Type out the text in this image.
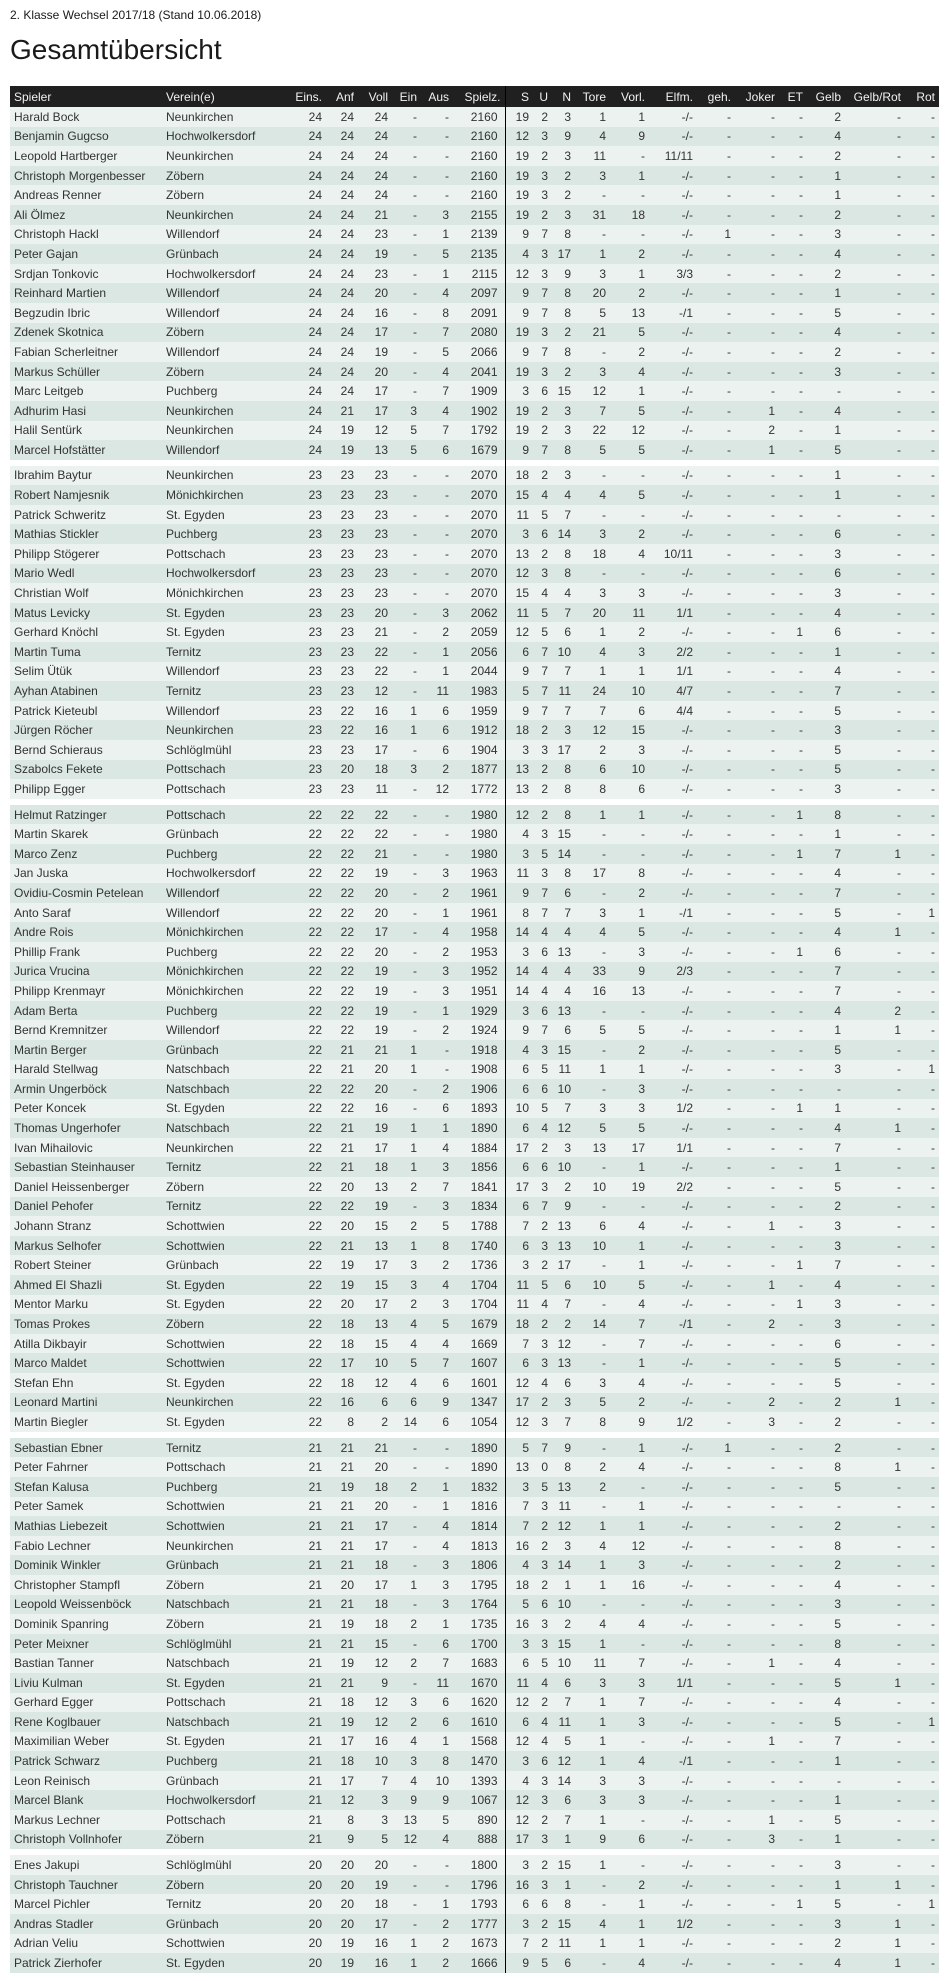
2. Klasse Wechsel 2017/18 (Stand 10.06.2018)
Gesamtübersicht
Spieler	Verein(e)	Eins.	Anf	Voll	Ein	Aus	Spielz.	S	U	N	Tore	Vorl.	Elfm.	geh.	Joker	ET	Gelb	Gelb/Rot	Rot
Harald Bock	Neunkirchen	24	24	24	-	-	2160	19	2	3	1	1	-/-	-	-	-	2	-	-
Benjamin Gugcso	Hochwolkersdorf	24	24	24	-	-	2160	12	3	9	4	9	-/-	-	-	-	4	-	-
Leopold Hartberger	Neunkirchen	24	24	24	-	-	2160	19	2	3	11	-	11/11	-	-	-	2	-	-
Christoph Morgenbesser	Zöbern	24	24	24	-	-	2160	19	3	2	3	1	-/-	-	-	-	1	-	-
Andreas Renner	Zöbern	24	24	24	-	-	2160	19	3	2	-	-	-/-	-	-	-	1	-	-
Ali Ölmez	Neunkirchen	24	24	21	-	3	2155	19	2	3	31	18	-/-	-	-	-	2	-	-
Christoph Hackl	Willendorf	24	24	23	-	1	2139	9	7	8	-	-	-/-	1	-	-	3	-	-
Peter Gajan	Grünbach	24	24	19	-	5	2135	4	3	17	1	2	-/-	-	-	-	4	-	-
Srdjan Tonkovic	Hochwolkersdorf	24	24	23	-	1	2115	12	3	9	3	1	3/3	-	-	-	2	-	-
Reinhard Martien	Willendorf	24	24	20	-	4	2097	9	7	8	20	2	-/-	-	-	-	1	-	-
Begzudin Ibric	Willendorf	24	24	16	-	8	2091	9	7	8	5	13	-/1	-	-	-	5	-	-
Zdenek Skotnica	Zöbern	24	24	17	-	7	2080	19	3	2	21	5	-/-	-	-	-	4	-	-
Fabian Scherleitner	Willendorf	24	24	19	-	5	2066	9	7	8	-	2	-/-	-	-	-	2	-	-
Markus Schüller	Zöbern	24	24	20	-	4	2041	19	3	2	3	4	-/-	-	-	-	3	-	-
Marc Leitgeb	Puchberg	24	24	17	-	7	1909	3	6	15	12	1	-/-	-	-	-	-	-	-
Adhurim Hasi	Neunkirchen	24	21	17	3	4	1902	19	2	3	7	5	-/-	-	1	-	4	-	-
Halil Sentürk	Neunkirchen	24	19	12	5	7	1792	19	2	3	22	12	-/-	-	2	-	1	-	-
Marcel Hofstätter	Willendorf	24	19	13	5	6	1679	9	7	8	5	5	-/-	-	1	-	5	-	-

Ibrahim Baytur	Neunkirchen	23	23	23	-	-	2070	18	2	3	-	-	-/-	-	-	-	1	-	-
Robert Namjesnik	Mönichkirchen	23	23	23	-	-	2070	15	4	4	4	5	-/-	-	-	-	1	-	-
Patrick Schweritz	St. Egyden	23	23	23	-	-	2070	11	5	7	-	-	-/-	-	-	-	-	-	-
Mathias Stickler	Puchberg	23	23	23	-	-	2070	3	6	14	3	2	-/-	-	-	-	6	-	-
Philipp Stögerer	Pottschach	23	23	23	-	-	2070	13	2	8	18	4	10/11	-	-	-	3	-	-
Mario Wedl	Hochwolkersdorf	23	23	23	-	-	2070	12	3	8	-	-	-/-	-	-	-	6	-	-
Christian Wolf	Mönichkirchen	23	23	23	-	-	2070	15	4	4	3	3	-/-	-	-	-	3	-	-
Matus Levicky	St. Egyden	23	23	20	-	3	2062	11	5	7	20	11	1/1	-	-	-	4	-	-
Gerhard Knöchl	St. Egyden	23	23	21	-	2	2059	12	5	6	1	2	-/-	-	-	1	6	-	-
Martin Tuma	Ternitz	23	23	22	-	1	2056	6	7	10	4	3	2/2	-	-	-	1	-	-
Selim Ütük	Willendorf	23	23	22	-	1	2044	9	7	7	1	1	1/1	-	-	-	4	-	-
Ayhan Atabinen	Ternitz	23	23	12	-	11	1983	5	7	11	24	10	4/7	-	-	-	7	-	-
Patrick Kieteubl	Willendorf	23	22	16	1	6	1959	9	7	7	7	6	4/4	-	-	-	5	-	-
Jürgen Röcher	Neunkirchen	23	22	16	1	6	1912	18	2	3	12	15	-/-	-	-	-	3	-	-
Bernd Schieraus	Schlöglmühl	23	23	17	-	6	1904	3	3	17	2	3	-/-	-	-	-	5	-	-
Szabolcs Fekete	Pottschach	23	20	18	3	2	1877	13	2	8	6	10	-/-	-	-	-	5	-	-
Philipp Egger	Pottschach	23	23	11	-	12	1772	13	2	8	8	6	-/-	-	-	-	3	-	-

Helmut Ratzinger	Pottschach	22	22	22	-	-	1980	12	2	8	1	1	-/-	-	-	1	8	-	-
Martin Skarek	Grünbach	22	22	22	-	-	1980	4	3	15	-	-	-/-	-	-	-	1	-	-
Marco Zenz	Puchberg	22	22	21	-	-	1980	3	5	14	-	-	-/-	-	-	1	7	1	-
Jan Juska	Hochwolkersdorf	22	22	19	-	3	1963	11	3	8	17	8	-/-	-	-	-	4	-	-
Ovidiu-Cosmin Petelean	Willendorf	22	22	20	-	2	1961	9	7	6	-	2	-/-	-	-	-	7	-	-
Anto Saraf	Willendorf	22	22	20	-	1	1961	8	7	7	3	1	-/1	-	-	-	5	-	1
Andre Rois	Mönichkirchen	22	22	17	-	4	1958	14	4	4	4	5	-/-	-	-	-	4	1	-
Phillip Frank	Puchberg	22	22	20	-	2	1953	3	6	13	-	3	-/-	-	-	1	6	-	-
Jurica Vrucina	Mönichkirchen	22	22	19	-	3	1952	14	4	4	33	9	2/3	-	-	-	7	-	-
Philipp Krenmayr	Mönichkirchen	22	22	19	-	3	1951	14	4	4	16	13	-/-	-	-	-	7	-	-
Adam Berta	Puchberg	22	22	19	-	1	1929	3	6	13	-	-	-/-	-	-	-	4	2	-
Bernd Kremnitzer	Willendorf	22	22	19	-	2	1924	9	7	6	5	5	-/-	-	-	-	1	1	-
Martin Berger	Grünbach	22	21	21	1	-	1918	4	3	15	-	2	-/-	-	-	-	5	-	-
Harald Stellwag	Natschbach	22	21	20	1	-	1908	6	5	11	1	1	-/-	-	-	-	3	-	1
Armin Ungerböck	Natschbach	22	22	20	-	2	1906	6	6	10	-	3	-/-	-	-	-	-	-	-
Peter Koncek	St. Egyden	22	22	16	-	6	1893	10	5	7	3	3	1/2	-	-	1	1	-	-
Thomas Ungerhofer	Natschbach	22	21	19	1	1	1890	6	4	12	5	5	-/-	-	-	-	4	1	-
Ivan Mihailovic	Neunkirchen	22	21	17	1	4	1884	17	2	3	13	17	1/1	-	-	-	7	-	-
Sebastian Steinhauser	Ternitz	22	21	18	1	3	1856	6	6	10	-	1	-/-	-	-	-	1	-	-
Daniel Heissenberger	Zöbern	22	20	13	2	7	1841	17	3	2	10	19	2/2	-	-	-	5	-	-
Daniel Pehofer	Ternitz	22	22	19	-	3	1834	6	7	9	-	-	-/-	-	-	-	2	-	-
Johann Stranz	Schottwien	22	20	15	2	5	1788	7	2	13	6	4	-/-	-	1	-	3	-	-
Markus Selhofer	Schottwien	22	21	13	1	8	1740	6	3	13	10	1	-/-	-	-	-	3	-	-
Robert Steiner	Grünbach	22	19	17	3	2	1736	3	2	17	-	1	-/-	-	-	1	7	-	-
Ahmed El Shazli	St. Egyden	22	19	15	3	4	1704	11	5	6	10	5	-/-	-	1	-	4	-	-
Mentor Marku	St. Egyden	22	20	17	2	3	1704	11	4	7	-	4	-/-	-	-	1	3	-	-
Tomas Prokes	Zöbern	22	18	13	4	5	1679	18	2	2	14	7	-/1	-	2	-	3	-	-
Atilla Dikbayir	Schottwien	22	18	15	4	4	1669	7	3	12	-	7	-/-	-	-	-	6	-	-
Marco Maldet	Schottwien	22	17	10	5	7	1607	6	3	13	-	1	-/-	-	-	-	5	-	-
Stefan Ehn	St. Egyden	22	18	12	4	6	1601	12	4	6	3	4	-/-	-	-	-	5	-	-
Leonard Martini	Neunkirchen	22	16	6	6	9	1347	17	2	3	5	2	-/-	-	2	-	2	1	-
Martin Biegler	St. Egyden	22	8	2	14	6	1054	12	3	7	8	9	1/2	-	3	-	2	-	-

Sebastian Ebner	Ternitz	21	21	21	-	-	1890	5	7	9	-	1	-/-	1	-	-	2	-	-
Peter Fahrner	Pottschach	21	21	20	-	-	1890	13	0	8	2	4	-/-	-	-	-	8	1	-
Stefan Kalusa	Puchberg	21	19	18	2	1	1832	3	5	13	2	-	-/-	-	-	-	5	-	-
Peter Samek	Schottwien	21	21	20	-	1	1816	7	3	11	-	1	-/-	-	-	-	-	-	-
Mathias Liebezeit	Schottwien	21	21	17	-	4	1814	7	2	12	1	1	-/-	-	-	-	2	-	-
Fabio Lechner	Neunkirchen	21	21	17	-	4	1813	16	2	3	4	12	-/-	-	-	-	8	-	-
Dominik Winkler	Grünbach	21	21	18	-	3	1806	4	3	14	1	3	-/-	-	-	-	2	-	-
Christopher Stampfl	Zöbern	21	20	17	1	3	1795	18	2	1	1	16	-/-	-	-	-	4	-	-
Leopold Weissenböck	Natschbach	21	21	18	-	3	1764	5	6	10	-	-	-/-	-	-	-	3	-	-
Dominik Spanring	Zöbern	21	19	18	2	1	1735	16	3	2	4	4	-/-	-	-	-	5	-	-
Peter Meixner	Schlöglmühl	21	21	15	-	6	1700	3	3	15	1	-	-/-	-	-	-	8	-	-
Bastian Tanner	Natschbach	21	19	12	2	7	1683	6	5	10	11	7	-/-	-	1	-	4	-	-
Liviu Kulman	St. Egyden	21	21	9	-	11	1670	11	4	6	3	3	1/1	-	-	-	5	1	-
Gerhard Egger	Pottschach	21	18	12	3	6	1620	12	2	7	1	7	-/-	-	-	-	4	-	-
Rene Koglbauer	Natschbach	21	19	12	2	6	1610	6	4	11	1	3	-/-	-	-	-	5	-	1
Maximilian Weber	St. Egyden	21	17	16	4	1	1568	12	4	5	1	-	-/-	-	1	-	7	-	-
Patrick Schwarz	Puchberg	21	18	10	3	8	1470	3	6	12	1	4	-/1	-	-	-	1	-	-
Leon Reinisch	Grünbach	21	17	7	4	10	1393	4	3	14	3	3	-/-	-	-	-	-	-	-
Marcel Blank	Hochwolkersdorf	21	12	3	9	9	1067	12	3	6	3	3	-/-	-	-	-	1	-	-
Markus Lechner	Pottschach	21	8	3	13	5	890	12	2	7	1	-	-/-	-	1	-	5	-	-
Christoph Vollnhofer	Zöbern	21	9	5	12	4	888	17	3	1	9	6	-/-	-	3	-	1	-	-

Enes Jakupi	Schlöglmühl	20	20	20	-	-	1800	3	2	15	1	-	-/-	-	-	-	3	-	-
Christoph Tauchner	Zöbern	20	20	19	-	-	1796	16	3	1	-	2	-/-	-	-	-	1	1	-
Marcel Pichler	Ternitz	20	20	18	-	1	1793	6	6	8	-	1	-/-	-	-	1	5	-	1
Andras Stadler	Grünbach	20	20	17	-	2	1777	3	2	15	4	1	1/2	-	-	-	3	1	-
Adrian Veliu	Schottwien	20	19	16	1	2	1673	7	2	11	1	1	-/-	-	-	-	2	1	-
Patrick Zierhofer	St. Egyden	20	19	16	1	2	1666	9	5	6	-	4	-/-	-	-	-	4	1	-
